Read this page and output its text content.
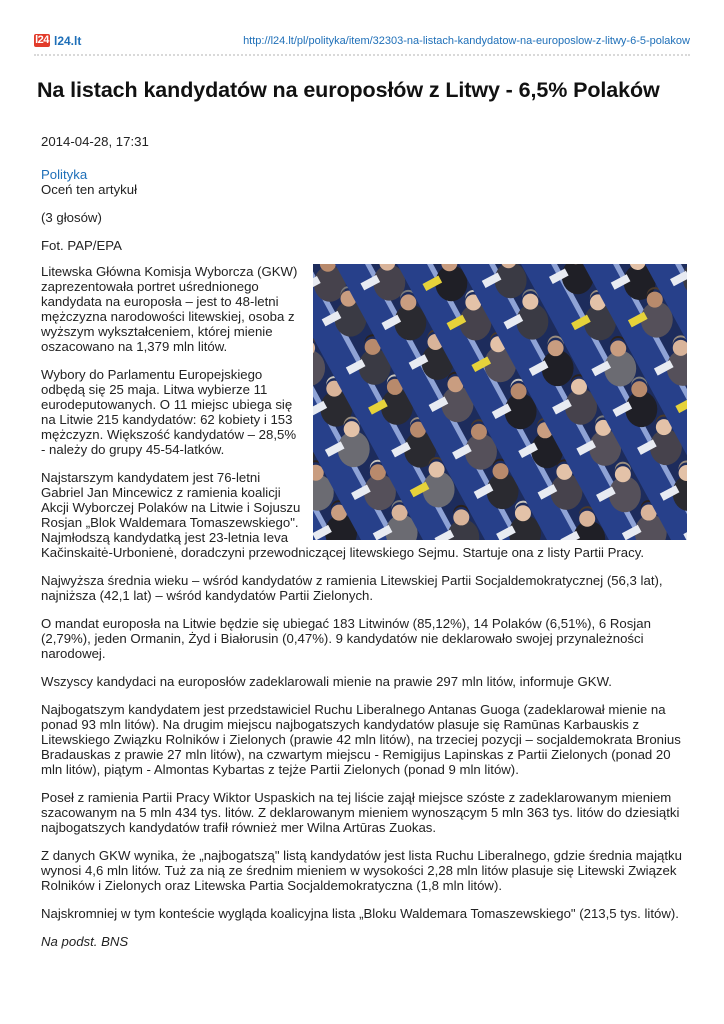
l24 l24.lt	http://l24.lt/pl/polityka/item/32303-na-listach-kandydatow-na-europoslow-z-litwy-6-5-polakow
Na listach kandydatów na europosłów z Litwy - 6,5% Polaków

2014-04-28, 17:31

Polityka
Oceń ten artykuł

(3 głosów)

Fot. PAP/EPA

Litewska Główna Komisja Wyborcza (GKW) zaprezentowała portret uśrednionego kandydata na europosła – jest to 48-letni mężczyzna narodowości litewskiej, osoba z wyższym wykształceniem, której mienie oszacowano na 1,379 mln litów.

Wybory do Parlamentu Europejskiego odbędą się 25 maja. Litwa wybierze 11 eurodeputowanych. O 11 miejsc ubiega się na Litwie 215 kandydatów: 62 kobiety i 153 mężczyzn. Większość kandydatów – 28,5% - należy do grupy 45-54-latków.

Najstarszym kandydatem jest 76-letni Gabriel Jan Mincewicz z ramienia koalicji Akcji Wyborczej Polaków na Litwie i Sojuszu Rosjan „Blok Waldemara Tomaszewskiego". Najmłodszą kandydatką jest 23-letnia Ieva Kačinskaitė-Urbonienė, doradczyni przewodniczącej litewskiego Sejmu. Startuje ona z listy Partii Pracy.

Najwyższa średnia wieku – wśród kandydatów z ramienia Litewskiej Partii Socjaldemokratycznej (56,3 lat), najniższa (42,1 lat) – wśród kandydatów Partii Zielonych.

O mandat europosła na Litwie będzie się ubiegać 183 Litwinów (85,12%), 14 Polaków (6,51%), 6 Rosjan (2,79%), jeden Ormanin, Żyd i Białorusin (0,47%). 9 kandydatów nie deklarowało swojej przynależności narodowej.

Wszyscy kandydaci na europosłów zadeklarowali mienie na prawie 297 mln litów, informuje GKW.

Najbogatszym kandydatem jest przedstawiciel Ruchu Liberalnego Antanas Guoga (zadeklarował mienie na ponad 93 mln litów). Na drugim miejscu najbogatszych kandydatów plasuje się Ramūnas Karbauskis z Litewskiego Związku Rolników i Zielonych (prawie 42 mln litów), na trzeciej pozycji – socjaldemokrata Bronius Bradauskas z prawie 27 mln litów), na czwartym miejscu - Remigijus Lapinskas z Partii Zielonych (ponad 20 mln litów), piątym - Almontas Kybartas z tejże Partii Zielonych (ponad 9 mln litów).

Poseł z ramienia Partii Pracy Wiktor Uspaskich na tej liście zajął miejsce szóste z zadeklarowanym mieniem szacowanym na 5 mln 434 tys. litów. Z deklarowanym mieniem wynoszącym 5 mln 363 tys. litów do dziesiątki najbogatszych kandydatów trafił również mer Wilna Artūras Zuokas.

Z danych GKW wynika, że „najbogatszą" listą kandydatów jest lista Ruchu Liberalnego, gdzie średnia majątku wynosi 4,6 mln litów. Tuż za nią ze średnim mieniem w wysokości 2,28 mln litów plasuje się Litewski Związek Rolników i Zielonych oraz Litewska Partia Socjaldemokratyczna (1,8 mln litów).

Najskromniej w tym konteście wygląda koalicyjna lista „Bloku Waldemara Tomaszewskiego" (213,5 tys. litów).

Na podst. BNS
